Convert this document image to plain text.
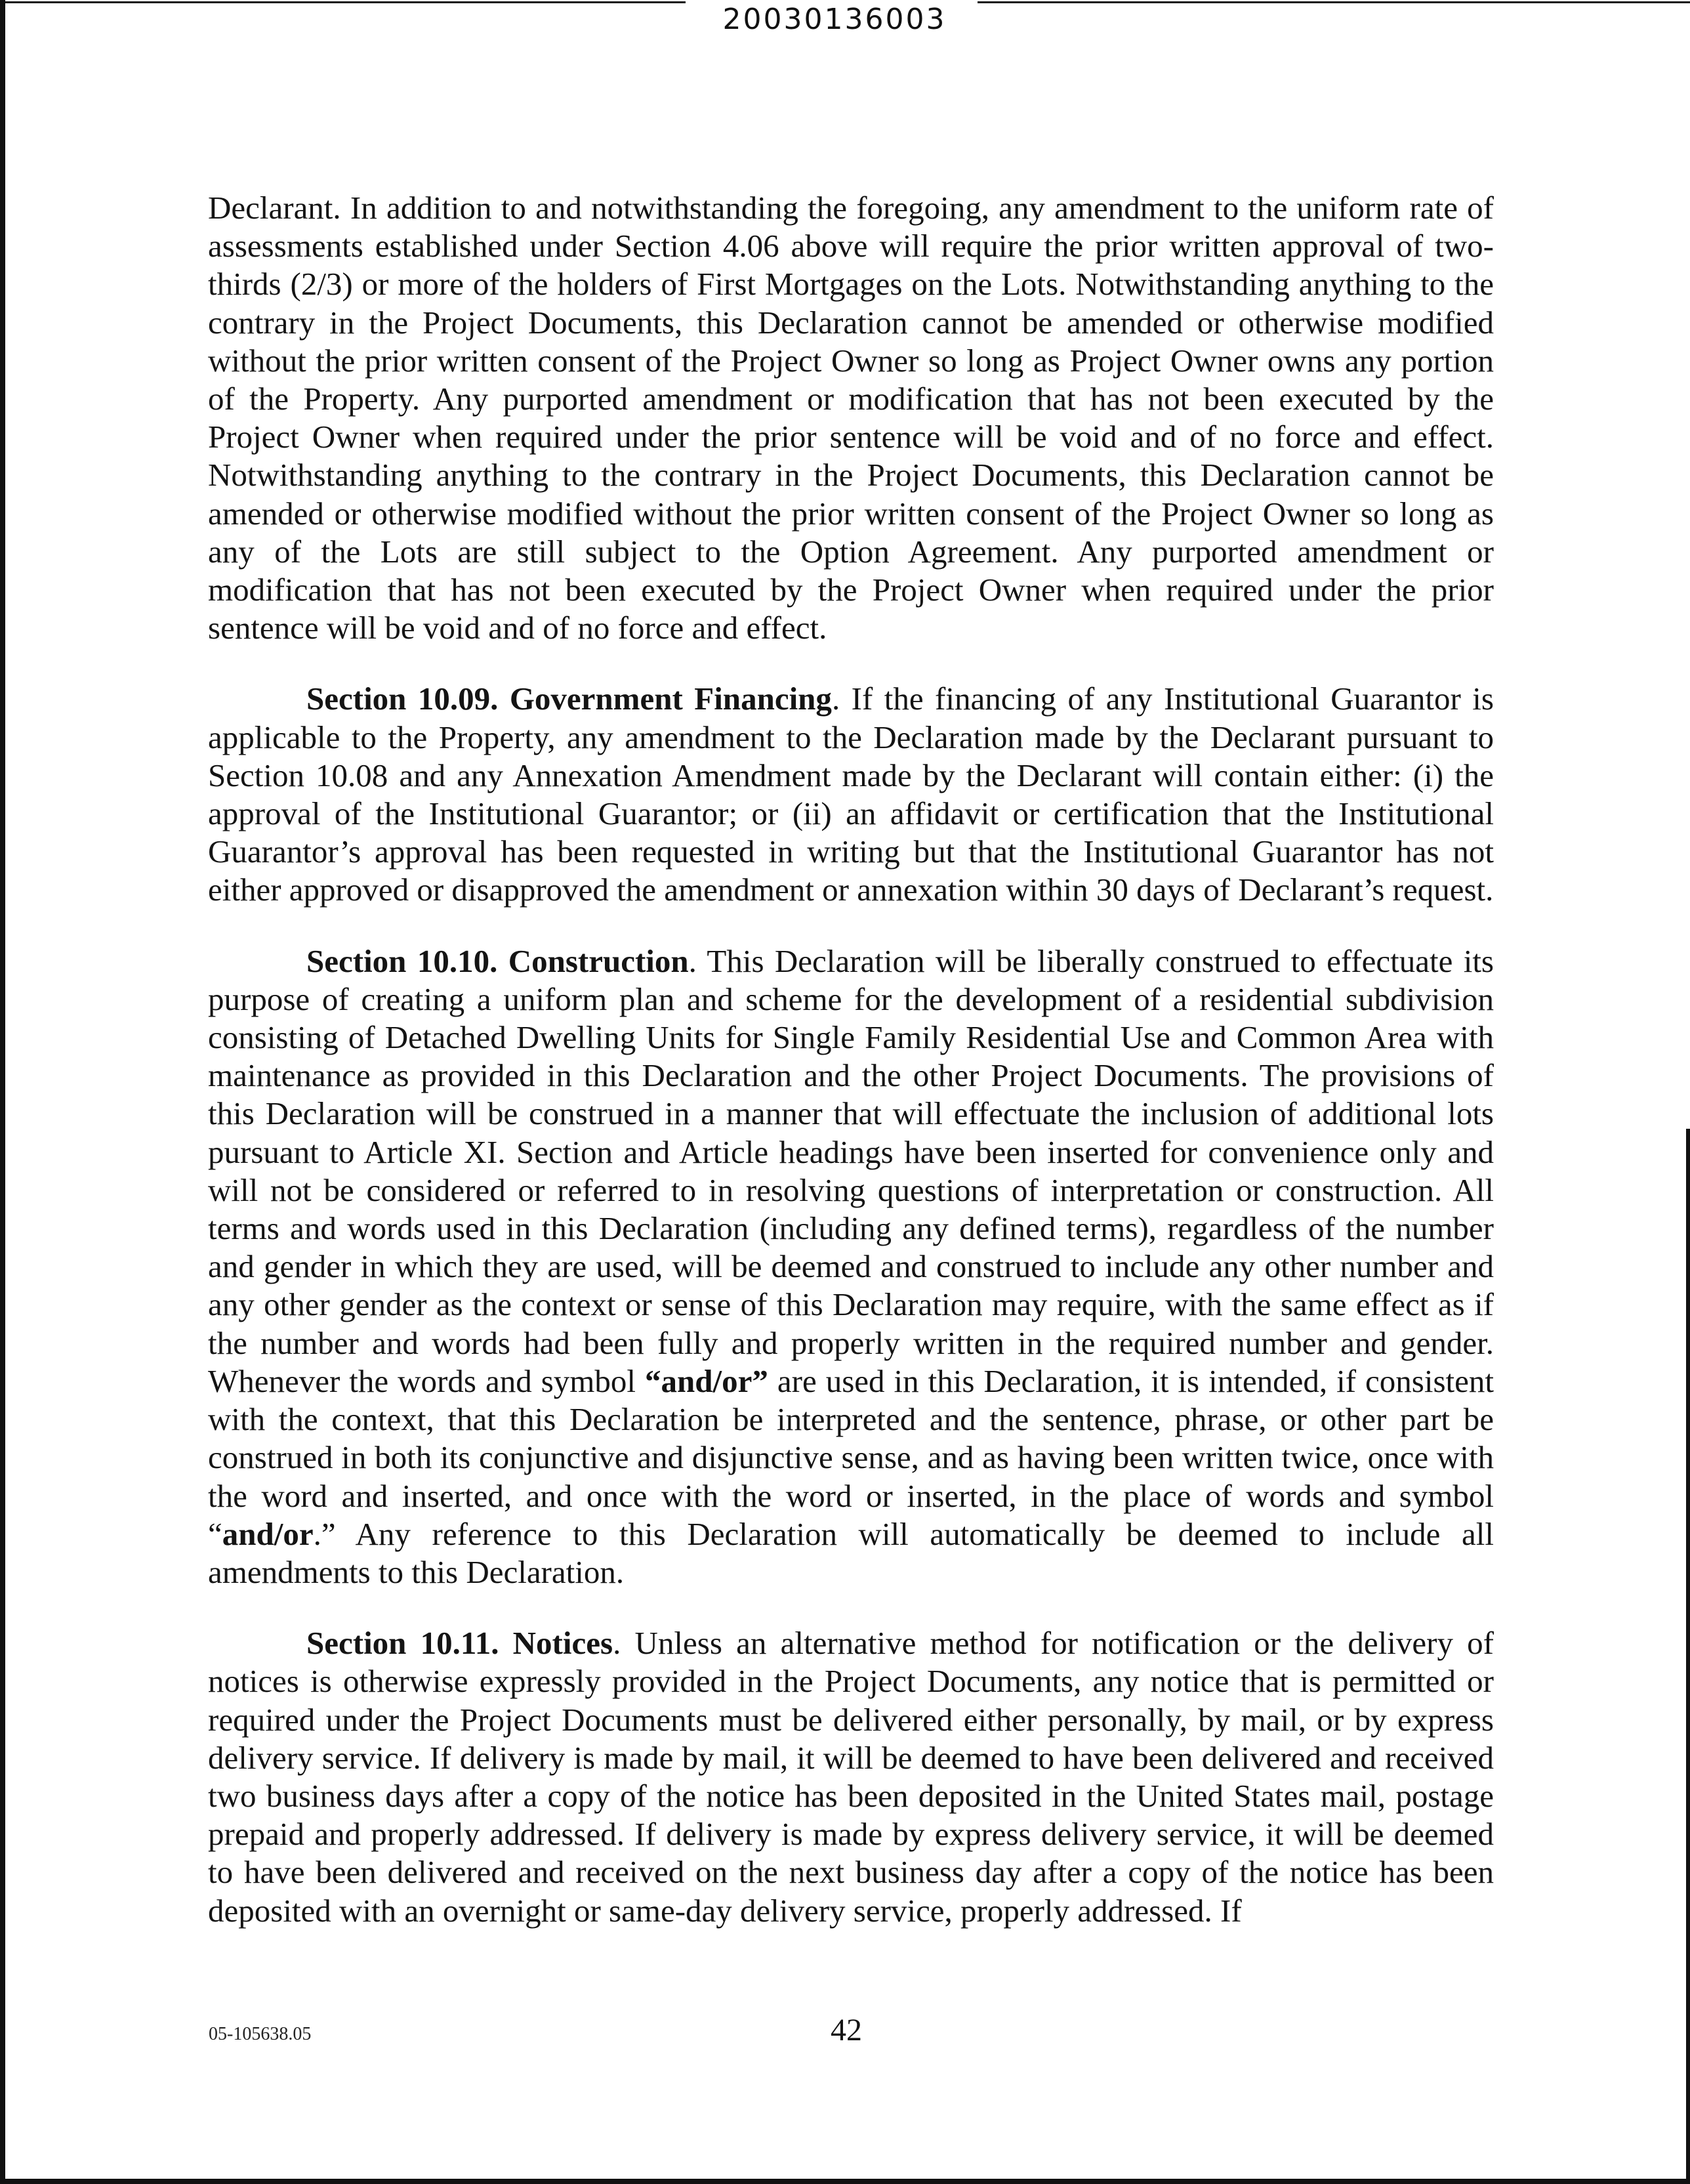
20030136003

Declarant. In addition to and notwithstanding the foregoing, any amendment to the uniform rate of assessments established under Section 4.06 above will require the prior written approval of two-thirds (2/3) or more of the holders of First Mortgages on the Lots. Notwithstanding anything to the contrary in the Project Documents, this Declaration cannot be amended or otherwise modified without the prior written consent of the Project Owner so long as Project Owner owns any portion of the Property. Any purported amendment or modification that has not been executed by the Project Owner when required under the prior sentence will be void and of no force and effect. Notwithstanding anything to the contrary in the Project Documents, this Declaration cannot be amended or otherwise modified without the prior written consent of the Project Owner so long as any of the Lots are still subject to the Option Agreement. Any purported amendment or modification that has not been executed by the Project Owner when required under the prior sentence will be void and of no force and effect.

Section 10.09. Government Financing. If the financing of any Institutional Guarantor is applicable to the Property, any amendment to the Declaration made by the Declarant pursuant to Section 10.08 and any Annexation Amendment made by the Declarant will contain either: (i) the approval of the Institutional Guarantor; or (ii) an affidavit or certification that the Institutional Guarantor’s approval has been requested in writing but that the Institutional Guarantor has not either approved or disapproved the amendment or annexation within 30 days of Declarant’s request.

Section 10.10. Construction. This Declaration will be liberally construed to effectuate its purpose of creating a uniform plan and scheme for the development of a residential subdivision consisting of Detached Dwelling Units for Single Family Residential Use and Common Area with maintenance as provided in this Declaration and the other Project Documents. The provisions of this Declaration will be construed in a manner that will effectuate the inclusion of additional lots pursuant to Article XI. Section and Article headings have been inserted for convenience only and will not be considered or referred to in resolving questions of interpretation or construction. All terms and words used in this Declaration (including any defined terms), regardless of the number and gender in which they are used, will be deemed and construed to include any other number and any other gender as the context or sense of this Declaration may require, with the same effect as if the number and words had been fully and properly written in the required number and gender. Whenever the words and symbol “and/or” are used in this Declaration, it is intended, if consistent with the context, that this Declaration be interpreted and the sentence, phrase, or other part be construed in both its conjunctive and disjunctive sense, and as having been written twice, once with the word and inserted, and once with the word or inserted, in the place of words and symbol “and/or.” Any reference to this Declaration will automatically be deemed to include all amendments to this Declaration.

Section 10.11. Notices. Unless an alternative method for notification or the delivery of notices is otherwise expressly provided in the Project Documents, any notice that is permitted or required under the Project Documents must be delivered either personally, by mail, or by express delivery service. If delivery is made by mail, it will be deemed to have been delivered and received two business days after a copy of the notice has been deposited in the United States mail, postage prepaid and properly addressed. If delivery is made by express delivery service, it will be deemed to have been delivered and received on the next business day after a copy of the notice has been deposited with an overnight or same-day delivery service, properly addressed. If

05-105638.05	42
